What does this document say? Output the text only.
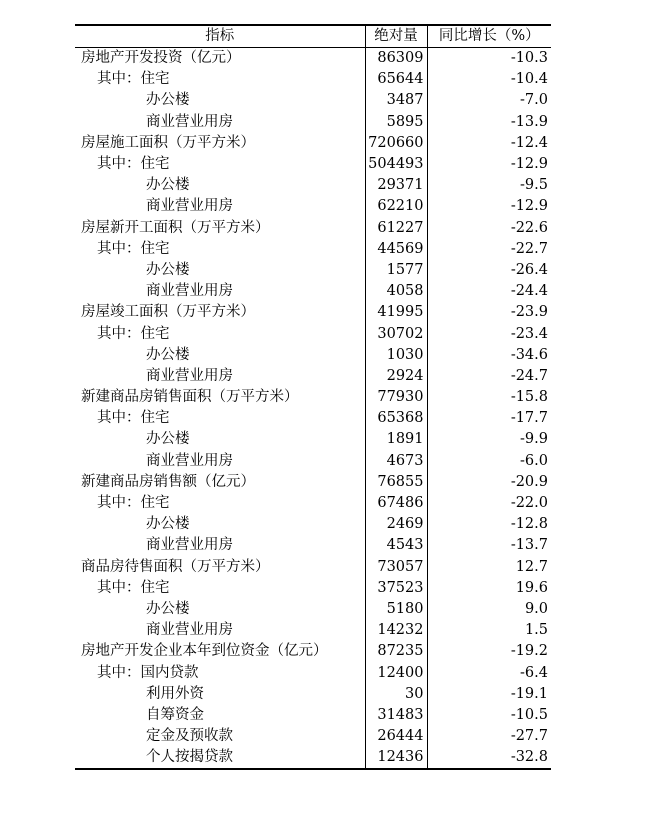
指标	绝对量	同比增长（%）
房地产开发投资（亿元）	86309	-10.3
其中：住宅	65644	-10.4
办公楼	3487	-7.0
商业营业用房	5895	-13.9
房屋施工面积（万平方米）	720660	-12.4
其中：住宅	504493	-12.9
办公楼	29371	-9.5
商业营业用房	62210	-12.9
房屋新开工面积（万平方米）	61227	-22.6
其中：住宅	44569	-22.7
办公楼	1577	-26.4
商业营业用房	4058	-24.4
房屋竣工面积（万平方米）	41995	-23.9
其中：住宅	30702	-23.4
办公楼	1030	-34.6
商业营业用房	2924	-24.7
新建商品房销售面积（万平方米）	77930	-15.8
其中：住宅	65368	-17.7
办公楼	1891	-9.9
商业营业用房	4673	-6.0
新建商品房销售额（亿元）	76855	-20.9
其中：住宅	67486	-22.0
办公楼	2469	-12.8
商业营业用房	4543	-13.7
商品房待售面积（万平方米）	73057	12.7
其中：住宅	37523	19.6
办公楼	5180	9.0
商业营业用房	14232	1.5
房地产开发企业本年到位资金（亿元）	87235	-19.2
其中：国内贷款	12400	-6.4
利用外资	30	-19.1
自筹资金	31483	-10.5
定金及预收款	26444	-27.7
个人按揭贷款	12436	-32.8
